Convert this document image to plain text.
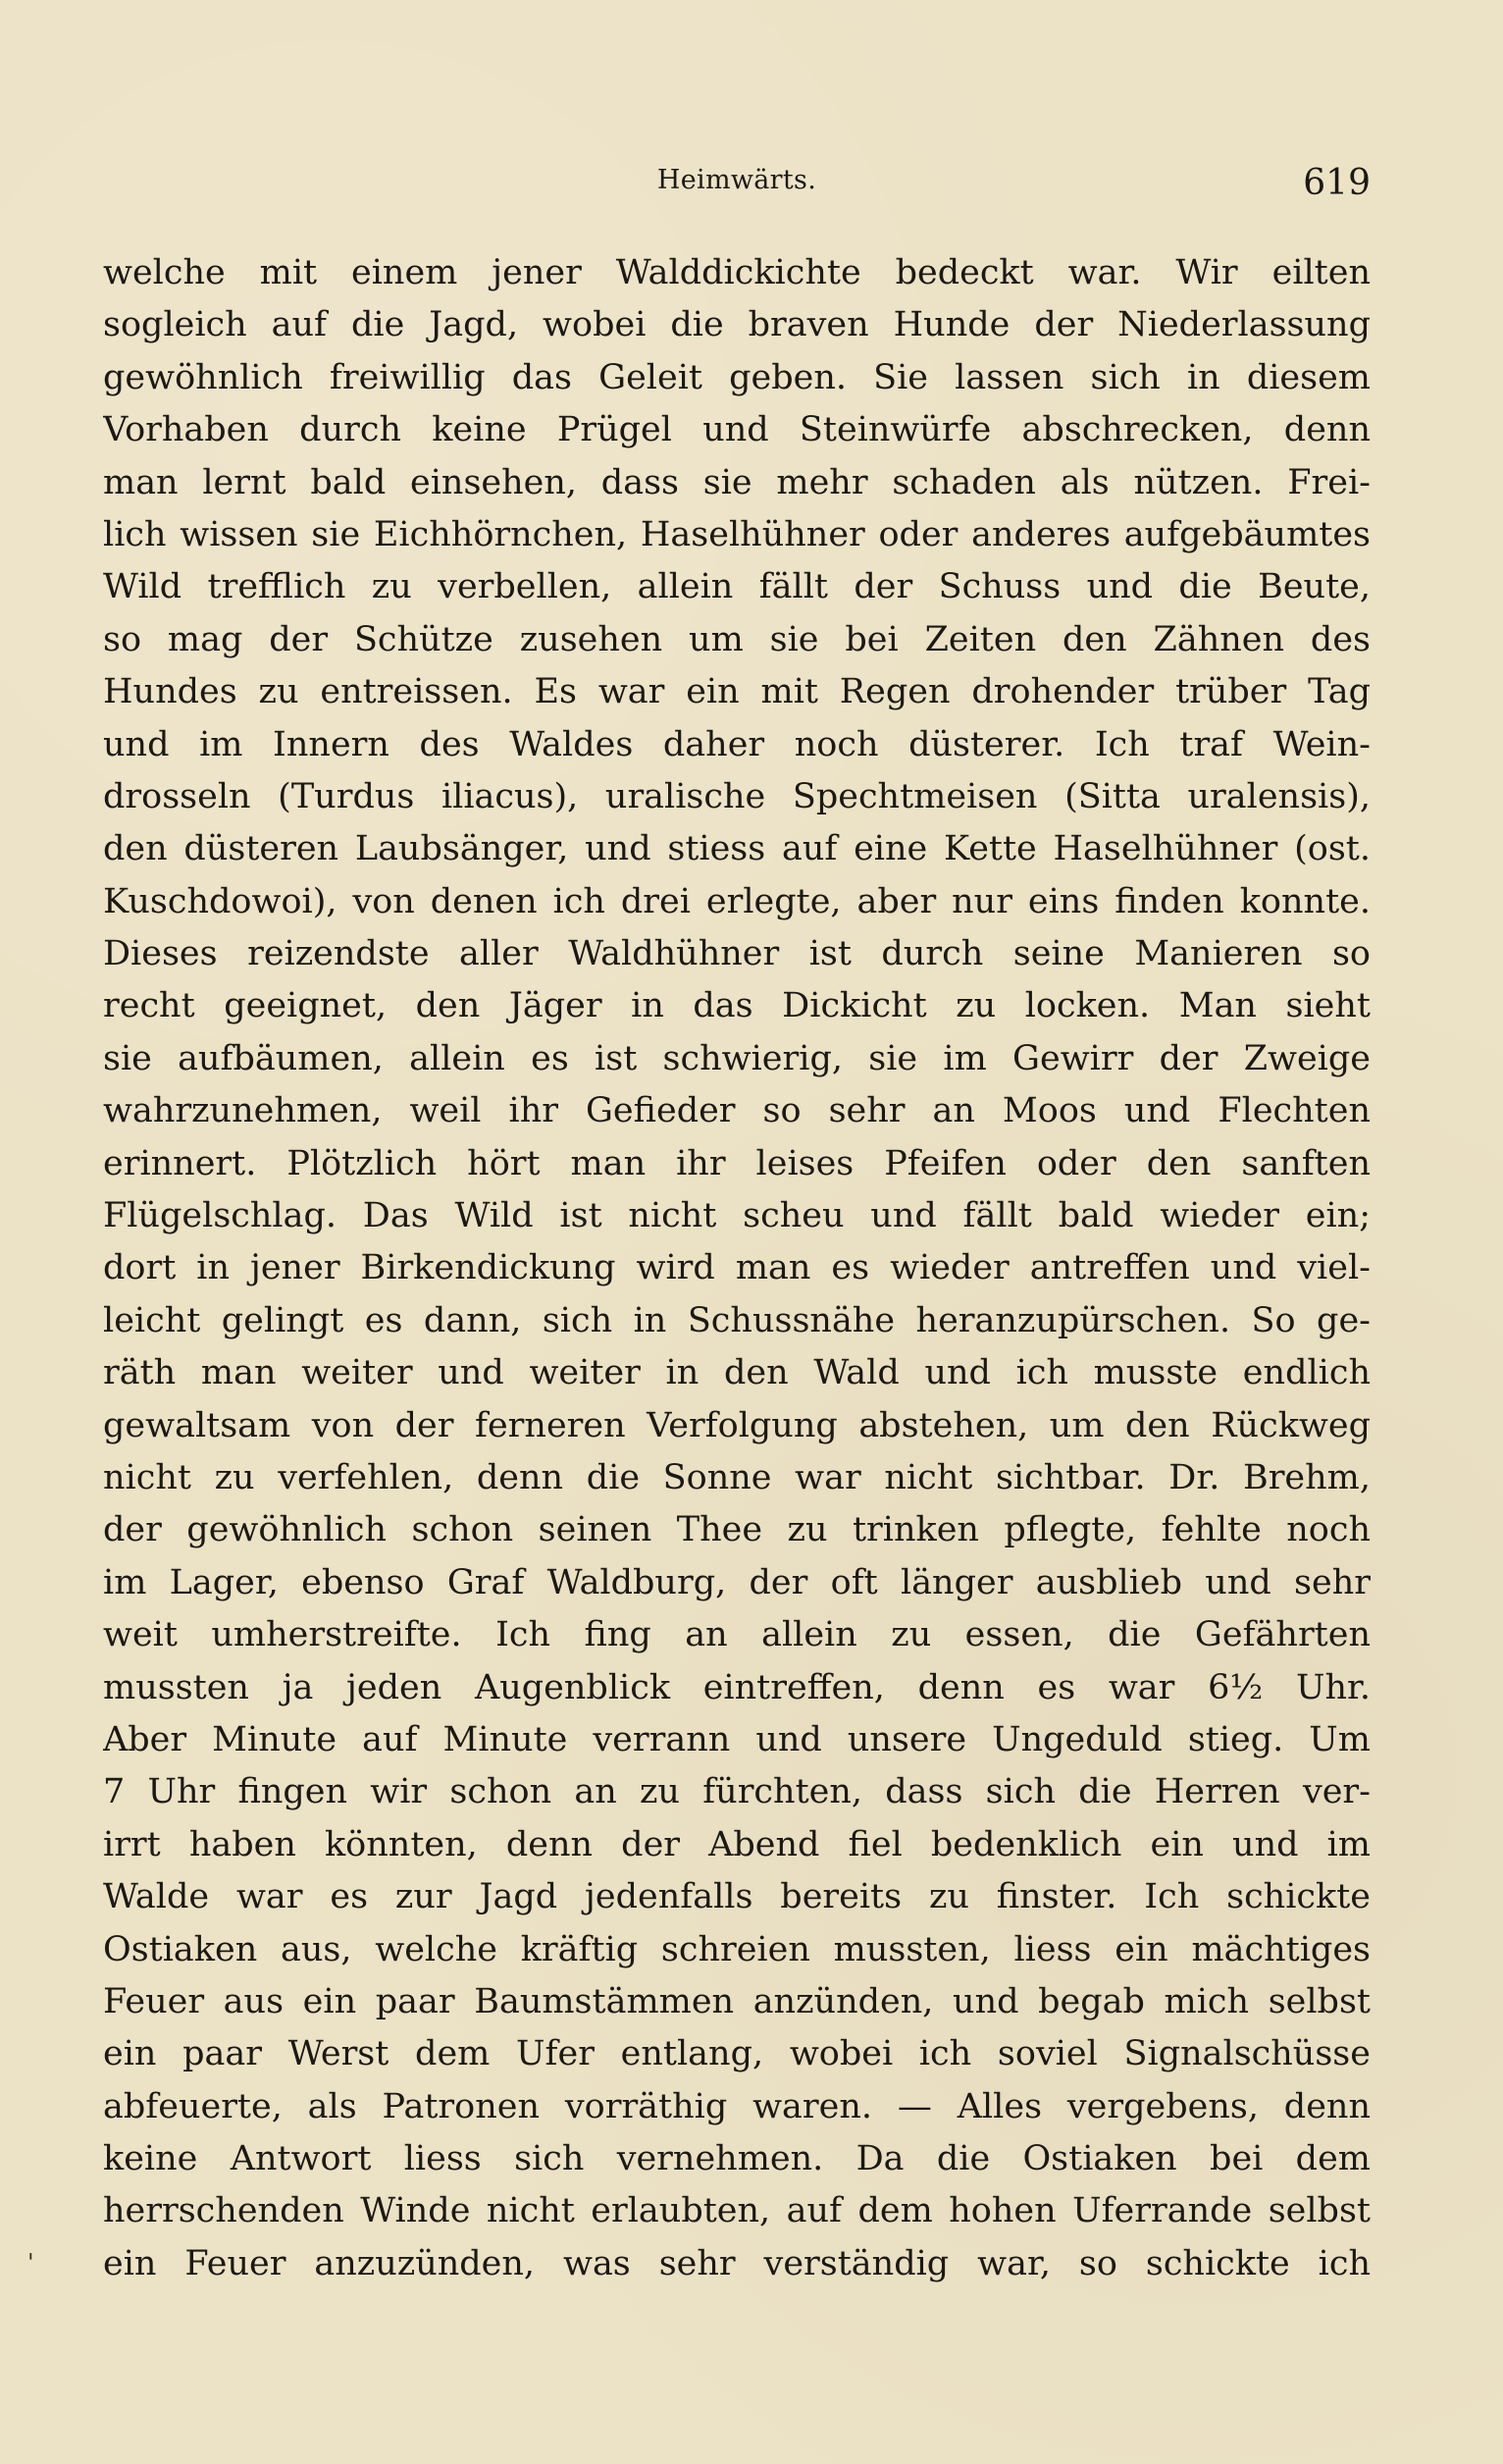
Heimwärts.	619
welche mit einem jener Walddickichte bedeckt war. Wir eilten
sogleich auf die Jagd, wobei die braven Hunde der Niederlassung
gewöhnlich freiwillig das Geleit geben. Sie lassen sich in diesem
Vorhaben durch keine Prügel und Steinwürfe abschrecken, denn
man lernt bald einsehen, dass sie mehr schaden als nützen. Frei-
lich wissen sie Eichhörnchen, Haselhühner oder anderes aufgebäumtes
Wild trefflich zu verbellen, allein fällt der Schuss und die Beute,
so mag der Schütze zusehen um sie bei Zeiten den Zähnen des
Hundes zu entreissen. Es war ein mit Regen drohender trüber Tag
und im Innern des Waldes daher noch düsterer. Ich traf Wein-
drosseln (Turdus iliacus), uralische Spechtmeisen (Sitta uralensis),
den düsteren Laubsänger, und stiess auf eine Kette Haselhühner (ost.
Kuschdowoi), von denen ich drei erlegte, aber nur eins finden konnte.
Dieses reizendste aller Waldhühner ist durch seine Manieren so
recht geeignet, den Jäger in das Dickicht zu locken. Man sieht
sie aufbäumen, allein es ist schwierig, sie im Gewirr der Zweige
wahrzunehmen, weil ihr Gefieder so sehr an Moos und Flechten
erinnert. Plötzlich hört man ihr leises Pfeifen oder den sanften
Flügelschlag. Das Wild ist nicht scheu und fällt bald wieder ein;
dort in jener Birkendickung wird man es wieder antreffen und viel-
leicht gelingt es dann, sich in Schussnähe heranzupürschen. So ge-
räth man weiter und weiter in den Wald und ich musste endlich
gewaltsam von der ferneren Verfolgung abstehen, um den Rückweg
nicht zu verfehlen, denn die Sonne war nicht sichtbar. Dr. Brehm,
der gewöhnlich schon seinen Thee zu trinken pflegte, fehlte noch
im Lager, ebenso Graf Waldburg, der oft länger ausblieb und sehr
weit umherstreifte. Ich fing an allein zu essen, die Gefährten
mussten ja jeden Augenblick eintreffen, denn es war 6½ Uhr.
Aber Minute auf Minute verrann und unsere Ungeduld stieg. Um
7 Uhr fingen wir schon an zu fürchten, dass sich die Herren ver-
irrt haben könnten, denn der Abend fiel bedenklich ein und im
Walde war es zur Jagd jedenfalls bereits zu finster. Ich schickte
Ostiaken aus, welche kräftig schreien mussten, liess ein mächtiges
Feuer aus ein paar Baumstämmen anzünden, und begab mich selbst
ein paar Werst dem Ufer entlang, wobei ich soviel Signalschüsse
abfeuerte, als Patronen vorräthig waren. — Alles vergebens, denn
keine Antwort liess sich vernehmen. Da die Ostiaken bei dem
herrschenden Winde nicht erlaubten, auf dem hohen Uferrande selbst
ein Feuer anzuzünden, was sehr verständig war, so schickte ich
'
